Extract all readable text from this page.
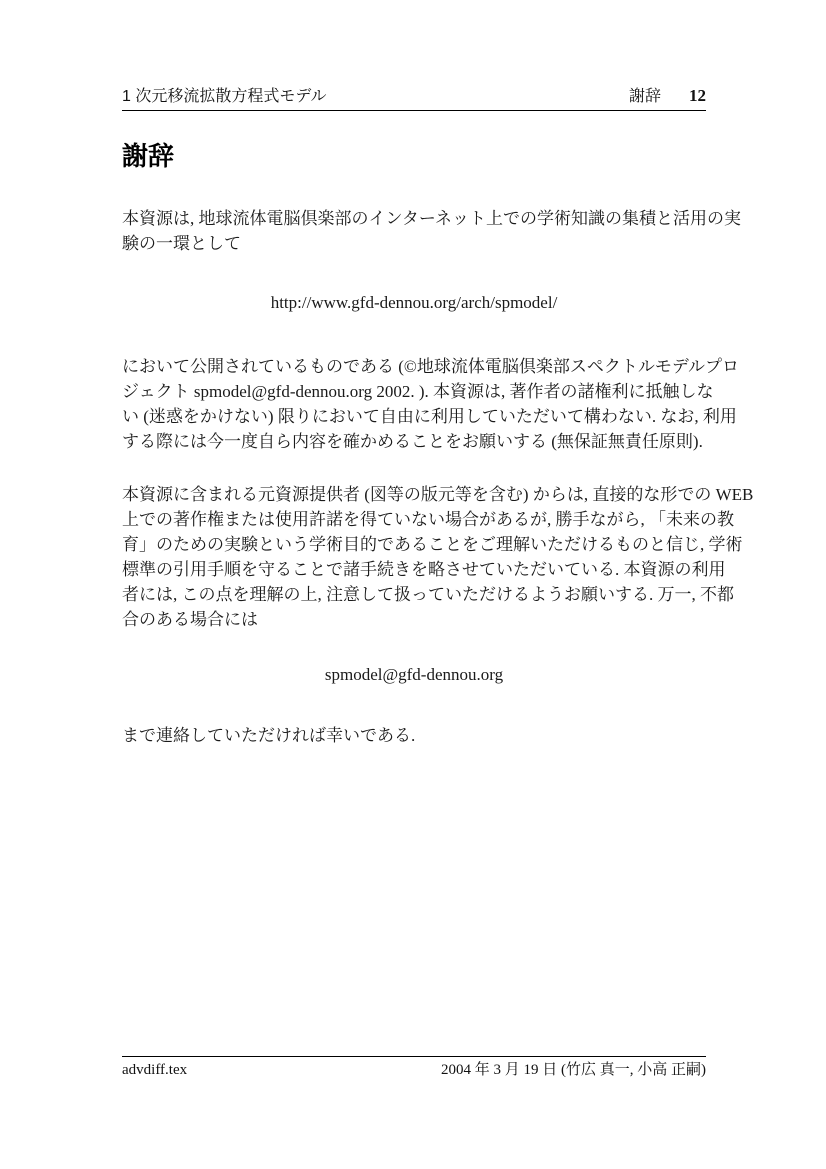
1 次元移流拡散方程式モデル	謝辞 12
謝辞
本資源は, 地球流体電脳倶楽部のインターネット上での学術知識の集積と活用の実
験の一環として
http://www.gfd-dennou.org/arch/spmodel/
において公開されているものである (©地球流体電脳倶楽部スペクトルモデルプロ
ジェクト spmodel@gfd-dennou.org 2002. ). 本資源は, 著作者の諸権利に抵触しな
い (迷惑をかけない) 限りにおいて自由に利用していただいて構わない. なお, 利用
する際には今一度自ら内容を確かめることをお願いする (無保証無責任原則).
本資源に含まれる元資源提供者 (図等の版元等を含む) からは, 直接的な形での WEB
上での著作権または使用許諾を得ていない場合があるが, 勝手ながら, 「未来の教
育」のための実験という学術目的であることをご理解いただけるものと信じ, 学術
標準の引用手順を守ることで諸手続きを略させていただいている. 本資源の利用
者には, この点を理解の上, 注意して扱っていただけるようお願いする. 万一, 不都
合のある場合には
spmodel@gfd-dennou.org
まで連絡していただければ幸いである.
advdiff.tex	2004 年 3 月 19 日 (竹広 真一, 小高 正嗣)
